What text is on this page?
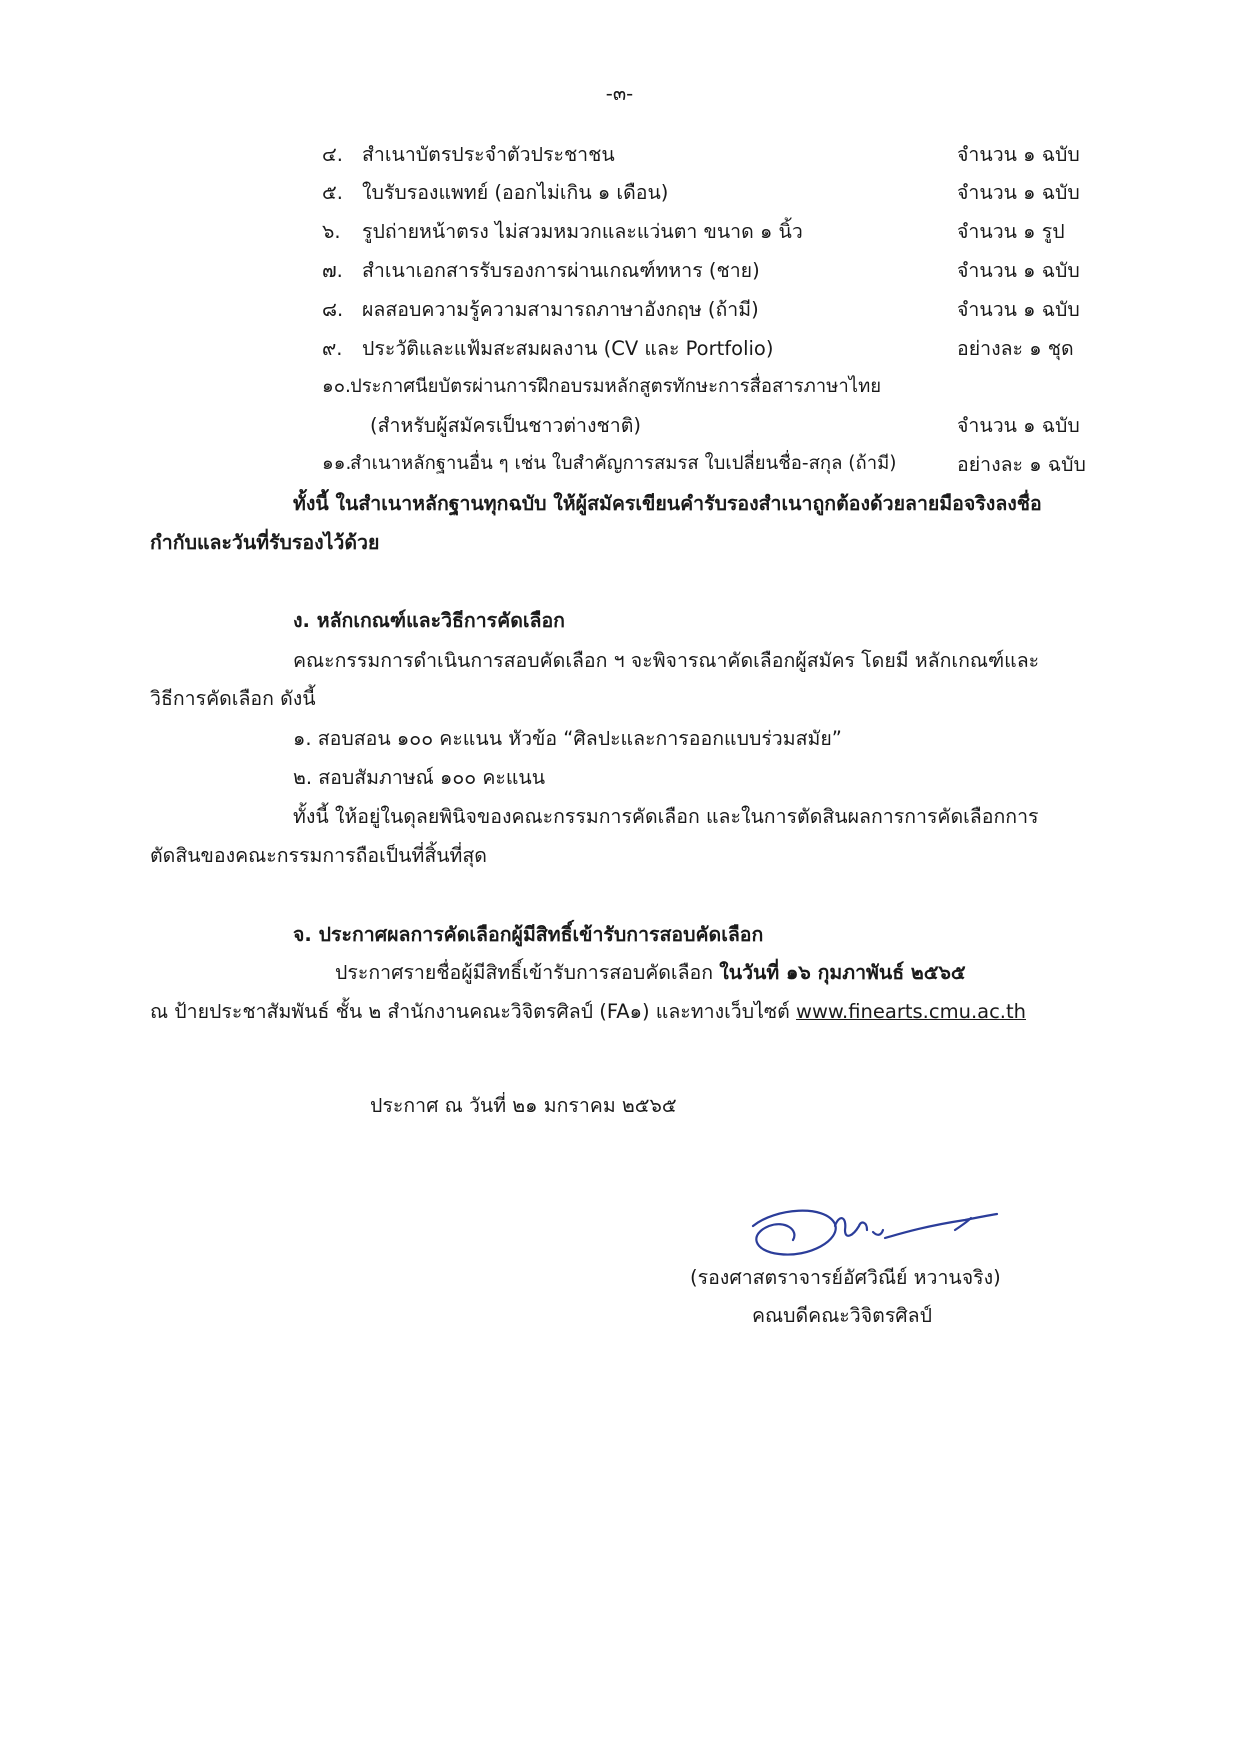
-๓-
๔. สำเนาบัตรประจำตัวประชาชน	จำนวน ๑ ฉบับ
๕. ใบรับรองแพทย์ (ออกไม่เกิน ๑ เดือน)	จำนวน ๑ ฉบับ
๖. รูปถ่ายหน้าตรง ไม่สวมหมวกและแว่นตา ขนาด ๑ นิ้ว	จำนวน ๑ รูป
๗. สำเนาเอกสารรับรองการผ่านเกณฑ์ทหาร (ชาย)	จำนวน ๑ ฉบับ
๘. ผลสอบความรู้ความสามารถภาษาอังกฤษ (ถ้ามี)	จำนวน ๑ ฉบับ
๙. ประวัติและแฟ้มสะสมผลงาน (CV และ Portfolio)	อย่างละ ๑ ชุด
๑๐. ประกาศนียบัตรผ่านการฝึกอบรมหลักสูตรทักษะการสื่อสารภาษาไทย
(สำหรับผู้สมัครเป็นชาวต่างชาติ)	จำนวน ๑ ฉบับ
๑๑.
สำเนาหลักฐานอื่น ๆ เช่น ใบสำคัญการสมรส ใบเปลี่ยนชื่อ-สกุล (ถ้ามี)	อย่างละ ๑ ฉบับ
ทั้งนี้ ในสำเนาหลักฐานทุกฉบับ ให้ผู้สมัครเขียนคำรับรองสำเนาถูกต้องด้วยลายมือจริงลงชื่อ
กำกับและวันที่รับรองไว้ด้วย
ง. หลักเกณฑ์และวิธีการคัดเลือก
คณะกรรมการดำเนินการสอบคัดเลือก ฯ จะพิจารณาคัดเลือกผู้สมัคร โดยมี หลักเกณฑ์และ
วิธีการคัดเลือก ดังนี้
๑. สอบสอน ๑๐๐ คะแนน หัวข้อ “ศิลปะและการออกแบบร่วมสมัย”
๒. สอบสัมภาษณ์ ๑๐๐ คะแนน
ทั้งนี้ ให้อยู่ในดุลยพินิจของคณะกรรมการคัดเลือก และในการตัดสินผลการการคัดเลือกการ
ตัดสินของคณะกรรมการถือเป็นที่สิ้นที่สุด
จ. ประกาศผลการคัดเลือกผู้มีสิทธิ์เข้ารับการสอบคัดเลือก
ประกาศรายชื่อผู้มีสิทธิ์เข้ารับการสอบคัดเลือก ในวันที่ ๑๖ กุมภาพันธ์ ๒๕๖๕
ณ ป้ายประชาสัมพันธ์ ชั้น ๒ สำนักงานคณะวิจิตรศิลป์ (FA๑) และทางเว็บไซต์ www.finearts.cmu.ac.th
ประกาศ ณ วันที่ ๒๑ มกราคม ๒๕๖๕
(รองศาสตราจารย์อัศวิณีย์ หวานจริง)
คณบดีคณะวิจิตรศิลป์
